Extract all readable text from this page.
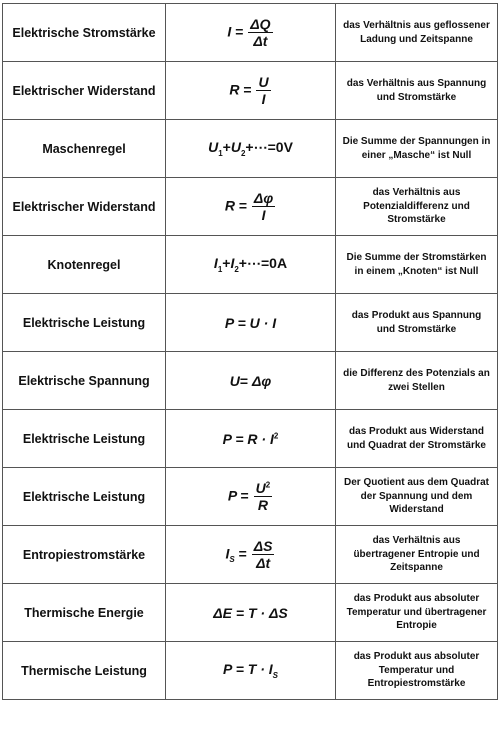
Elektrische Stromstärke	$I = \frac{\Delta Q}{\Delta t}$	das Verhältnis aus geflossener Ladung und Zeitspanne
Elektrischer Widerstand	$R = \frac{U}{I}$	das Verhältnis aus Spannung und Stromstärke
Maschenregel	$U_1+U_2+\cdots=0V$	Die Summe der Spannungen in einer „Masche“ ist Null
Elektrischer Widerstand	$R = \frac{\Delta\varphi}{I}$	das Verhältnis aus Potenzialdifferenz und Stromstärke
Knotenregel	$I_1+I_2+\cdots=0A$	Die Summe der Stromstärken in einem „Knoten“ ist Null
Elektrische Leistung	P = U · I	das Produkt aus Spannung und Stromstärke
Elektrische Spannung	U= Δφ	die Differenz des Potenzials an zwei Stellen
Elektrische Leistung	$P = R \cdot I^2$	das Produkt aus Widerstand und Quadrat der Stromstärke
Elektrische Leistung	$P = \frac{U^2}{R}$	Der Quotient aus dem Quadrat der Spannung und dem Widerstand
Entropiestromstärke	$I_S = \frac{\Delta S}{\Delta t}$	das Verhältnis aus übertragener Entropie und Zeitspanne
Thermische Energie	ΔE = T · ΔS	das Produkt aus absoluter Temperatur und übertragener Entropie
Thermische Leistung	$P = T \cdot I_S$	das Produkt aus absoluter Temperatur und Entropiestromstärke
